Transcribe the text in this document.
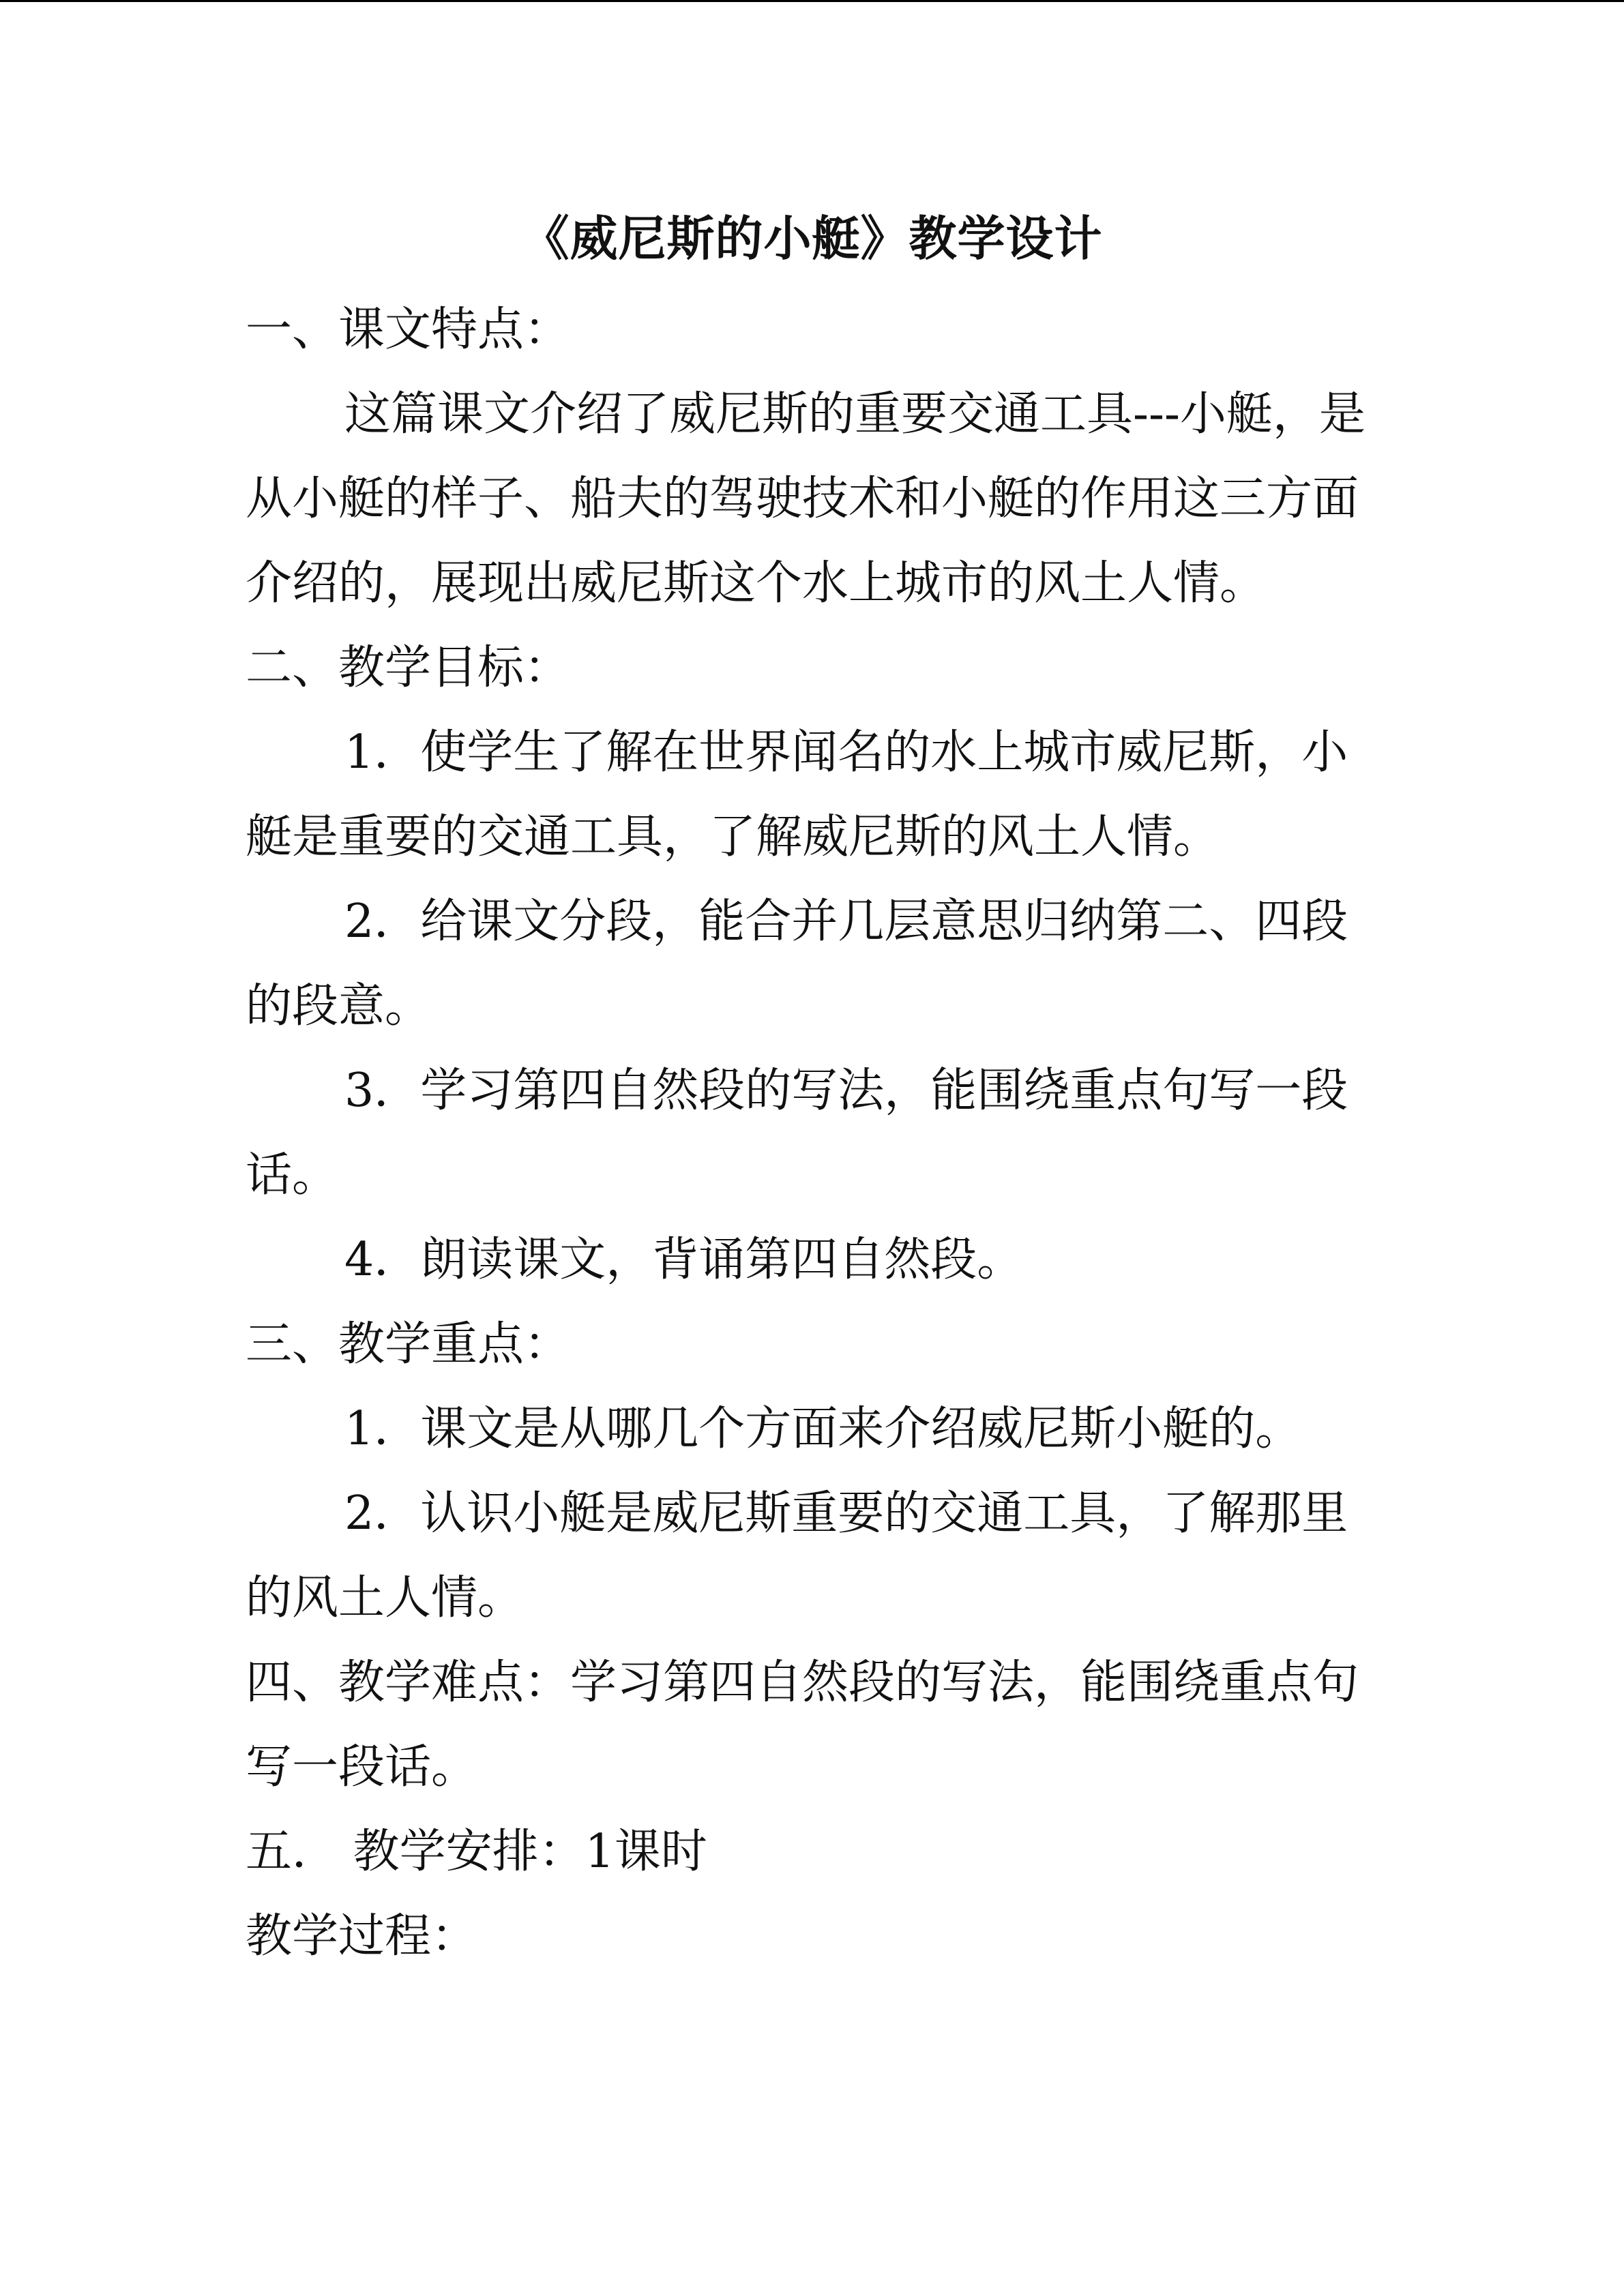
《威尼斯的小艇》教学设计

一、课文特点：

这篇课文介绍了威尼斯的重要交通工具---小艇，是从小艇的样子、船夫的驾驶技术和小艇的作用这三方面介绍的，展现出威尼斯这个水上城市的风土人情。

二、教学目标：

1．使学生了解在世界闻名的水上城市威尼斯，小艇是重要的交通工具，了解威尼斯的风土人情。

2．给课文分段，能合并几层意思归纳第二、四段的段意。

3．学习第四自然段的写法，能围绕重点句写一段话。

4．朗读课文，背诵第四自然段。

三、教学重点：

1．课文是从哪几个方面来介绍威尼斯小艇的。

2．认识小艇是威尼斯重要的交通工具，了解那里的风土人情。

四、教学难点：学习第四自然段的写法，能围绕重点句写一段话。

五． 教学安排：1课时

教学过程：
